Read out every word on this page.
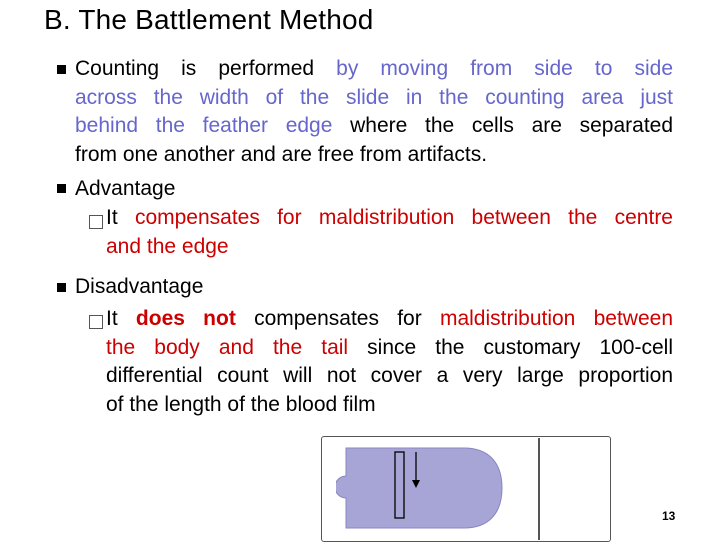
B. The Battlement Method
Counting is performed by moving from side to side
across the width of the slide in the counting area just
behind the feather edge where the cells are separated
from one another and are free from artifacts.
Advantage
It compensates for maldistribution between the centre
and the edge
Disadvantage
It does not compensates for maldistribution between
the body and the tail since the customary 100-cell
differential count will not cover a very large proportion
of the length of the blood film
13
